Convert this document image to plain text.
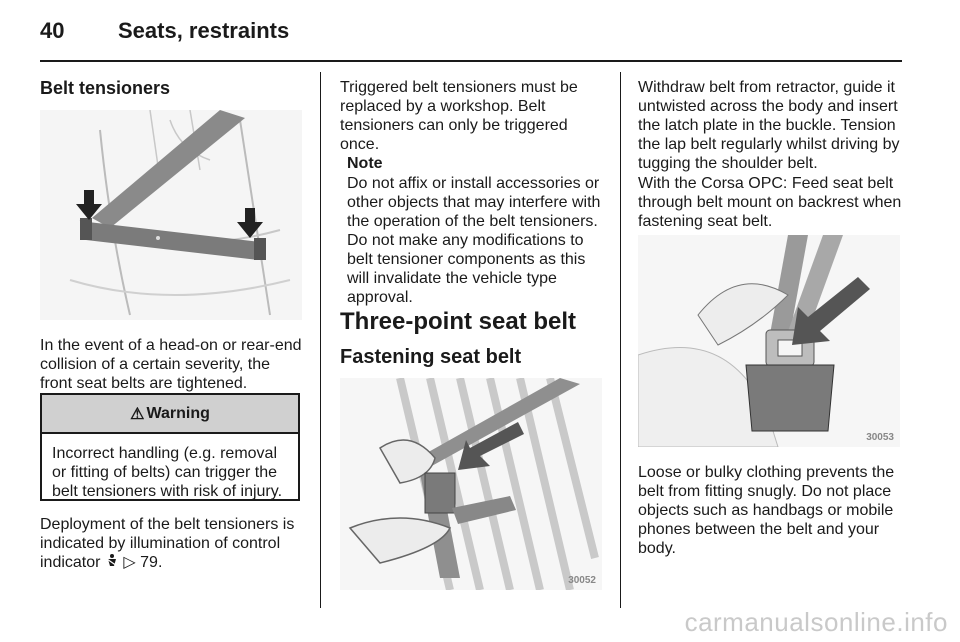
40 Seats, restraints
Belt tensioners

In the event of a head-on or rear-end collision of a certain severity, the front seat belts are tightened.

⚠ Warning
Incorrect handling (e.g. removal or fitting of belts) can trigger the belt tensioners with risk of injury.

Deployment of the belt tensioners is indicated by illumination of control indicator ▷ 79.

Triggered belt tensioners must be replaced by a workshop. Belt tensioners can only be triggered once.

Note

Do not affix or install accessories or other objects that may interfere with the operation of the belt tensioners. Do not make any modifications to belt tensioner components as this will invalidate the vehicle type approval.

Three-point seat belt
Fastening seat belt
30052

Withdraw belt from retractor, guide it untwisted across the body and insert the latch plate in the buckle. Tension the lap belt regularly whilst driving by tugging the shoulder belt.

With the Corsa OPC: Feed seat belt through belt mount on backrest when fastening seat belt.

30053

Loose or bulky clothing prevents the belt from fitting snugly. Do not place objects such as handbags or mobile phones between the belt and your body.

carmanualsonline.info
